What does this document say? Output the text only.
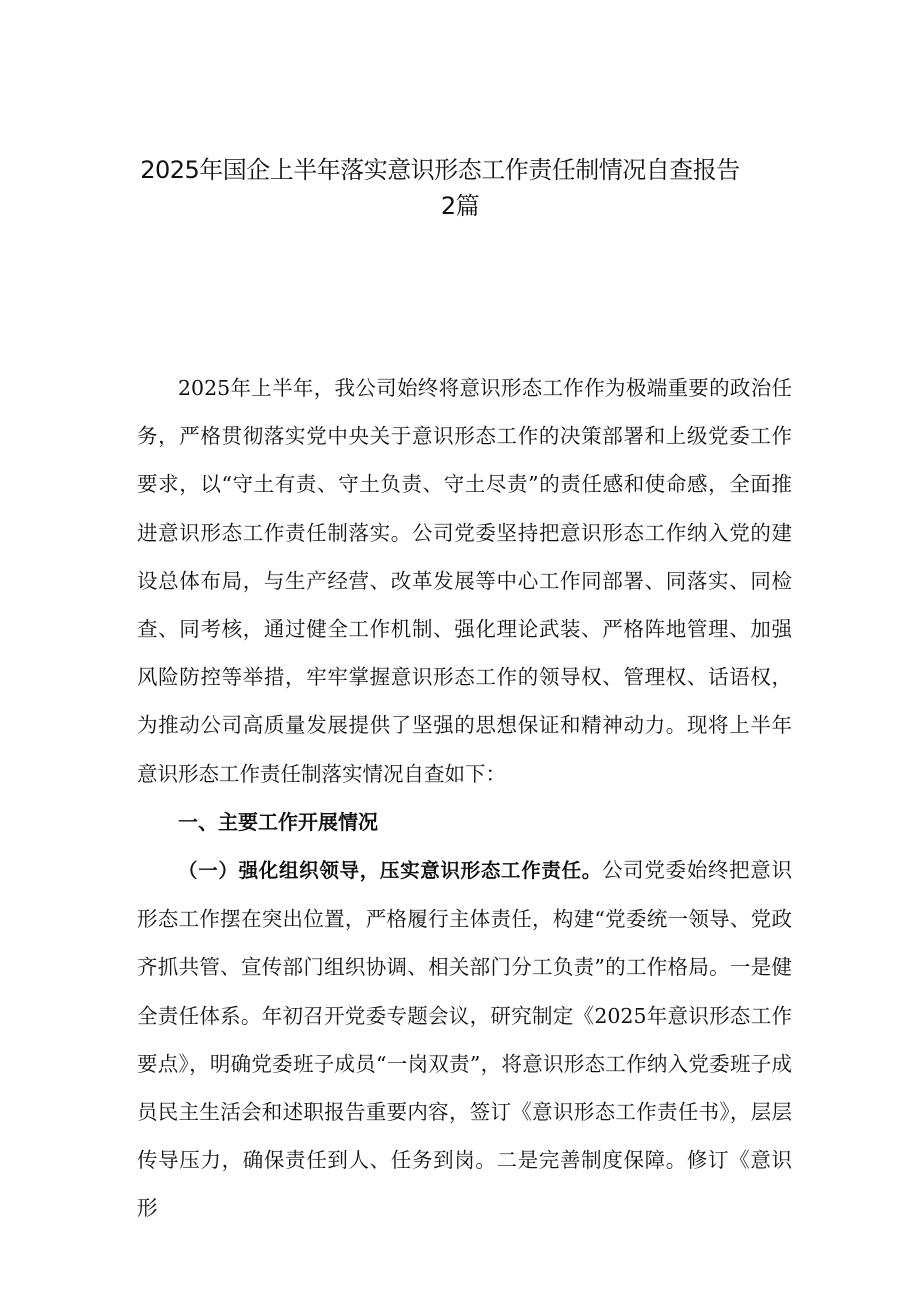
2025年国企上半年落实意识形态工作责任制情况自查报告
2篇

2025年上半年，我公司始终将意识形态工作作为极端重要的政治任务，严格贯彻落实党中央关于意识形态工作的决策部署和上级党委工作要求，以“守土有责、守土负责、守土尽责”的责任感和使命感，全面推进意识形态工作责任制落实。公司党委坚持把意识形态工作纳入党的建设总体布局，与生产经营、改革发展等中心工作同部署、同落实、同检查、同考核，通过健全工作机制、强化理论武装、严格阵地管理、加强风险防控等举措，牢牢掌握意识形态工作的领导权、管理权、话语权，为推动公司高质量发展提供了坚强的思想保证和精神动力。现将上半年意识形态工作责任制落实情况自查如下：

一、主要工作开展情况

（一）强化组织领导，压实意识形态工作责任。公司党委始终把意识形态工作摆在突出位置，严格履行主体责任，构建“党委统一领导、党政齐抓共管、宣传部门组织协调、相关部门分工负责”的工作格局。一是健全责任体系。年初召开党委专题会议，研究制定《2025年意识形态工作要点》，明确党委班子成员“一岗双责”，将意识形态工作纳入党委班子成员民主生活会和述职报告重要内容，签订《意识形态工作责任书》，层层传导压力，确保责任到人、任务到岗。二是完善制度保障。修订《意识形
